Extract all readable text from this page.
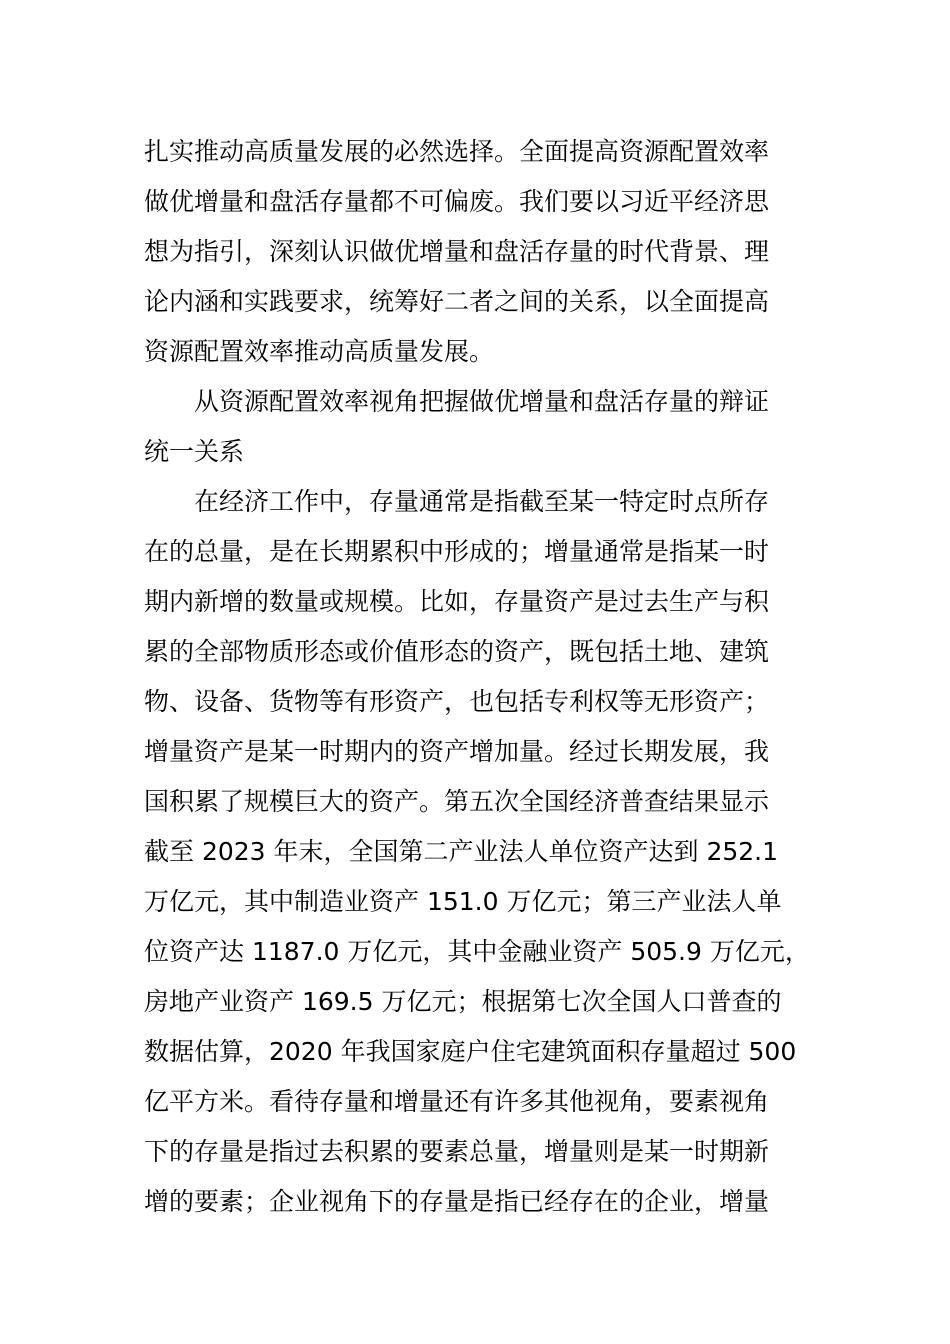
扎实推动高质量发展的必然选择。全面提高资源配置效率
做优增量和盘活存量都不可偏废。我们要以习近平经济思
想为指引，深刻认识做优增量和盘活存量的时代背景、理
论内涵和实践要求，统筹好二者之间的关系，以全面提高
资源配置效率推动高质量发展。
从资源配置效率视角把握做优增量和盘活存量的辩证
统一关系
在经济工作中，存量通常是指截至某一特定时点所存
在的总量，是在长期累积中形成的；增量通常是指某一时
期内新增的数量或规模。比如，存量资产是过去生产与积
累的全部物质形态或价值形态的资产，既包括土地、建筑
物、设备、货物等有形资产，也包括专利权等无形资产；
增量资产是某一时期内的资产增加量。经过长期发展，我
国积累了规模巨大的资产。第五次全国经济普查结果显示
截至 2023 年末，全国第二产业法人单位资产达到 252.1
万亿元，其中制造业资产 151.0 万亿元；第三产业法人单
位资产达 1187.0 万亿元，其中金融业资产 505.9 万亿元，
房地产业资产 169.5 万亿元；根据第七次全国人口普查的
数据估算，2020 年我国家庭户住宅建筑面积存量超过 500
亿平方米。看待存量和增量还有许多其他视角，要素视角
下的存量是指过去积累的要素总量，增量则是某一时期新
增的要素；企业视角下的存量是指已经存在的企业，增量
